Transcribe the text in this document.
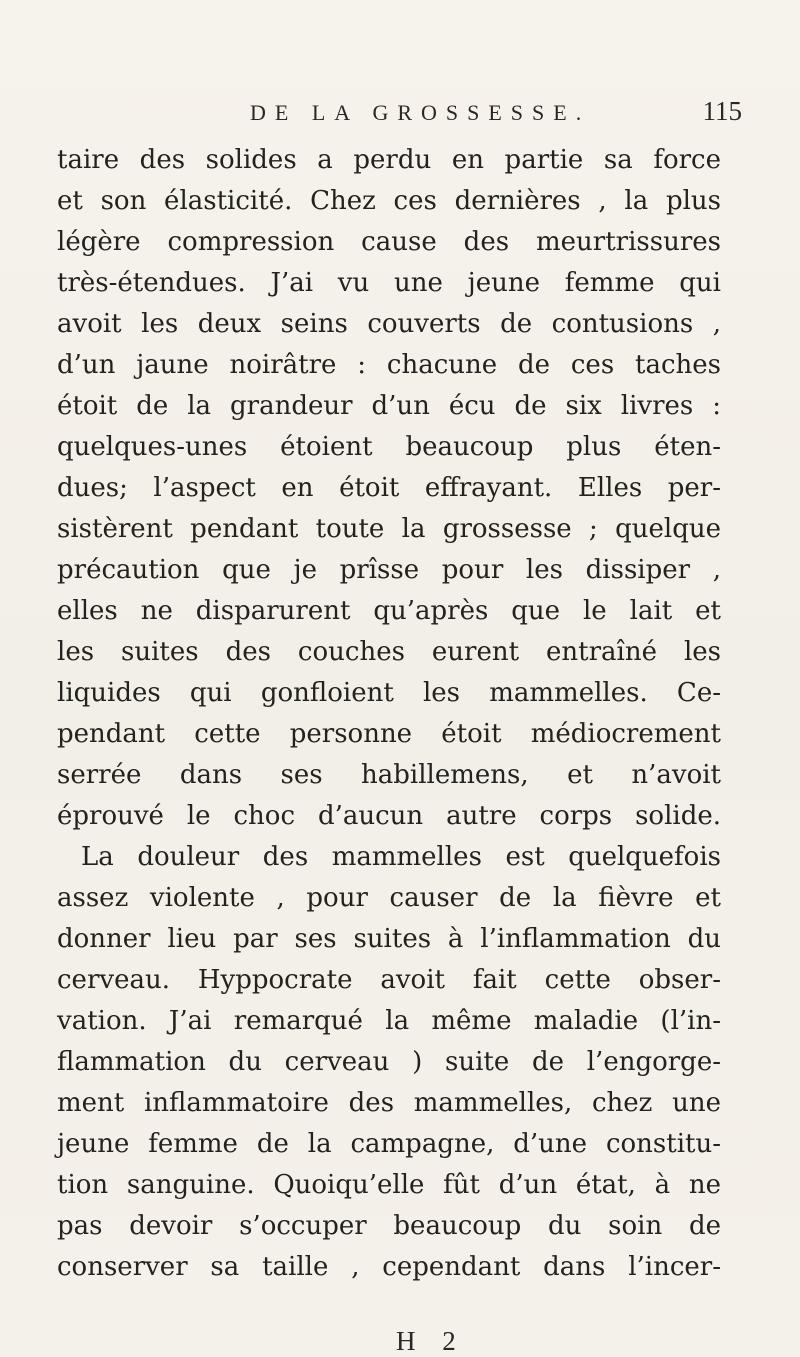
DE LA GROSSESSE.	115
taire des solides a perdu en partie sa force
et son élasticité. Chez ces dernières , la plus
légère compression cause des meurtrissures
très-étendues. J’ai vu une jeune femme qui
avoit les deux seins couverts de contusions ,
d’un jaune noirâtre : chacune de ces taches
étoit de la grandeur d’un écu de six livres :
quelques-unes étoient beaucoup plus éten-
dues; l’aspect en étoit effrayant. Elles per-
sistèrent pendant toute la grossesse ; quelque
précaution que je prîsse pour les dissiper ,
elles ne disparurent qu’après que le lait et
les suites des couches eurent entraîné les
liquides qui gonfloient les mammelles. Ce-
pendant cette personne étoit médiocrement
serrée dans ses habillemens, et n’avoit
éprouvé le choc d’aucun autre corps solide.
La douleur des mammelles est quelquefois
assez violente , pour causer de la fièvre et
donner lieu par ses suites à l’inflammation du
cerveau. Hyppocrate avoit fait cette obser-
vation. J’ai remarqué la même maladie (l’in-
flammation du cerveau ) suite de l’engorge-
ment inflammatoire des mammelles, chez une
jeune femme de la campagne, d’une constitu-
tion sanguine. Quoiqu’elle fût d’un état, à ne
pas devoir s’occuper beaucoup du soin de
conserver sa taille , cependant dans l’incer-
H 2
